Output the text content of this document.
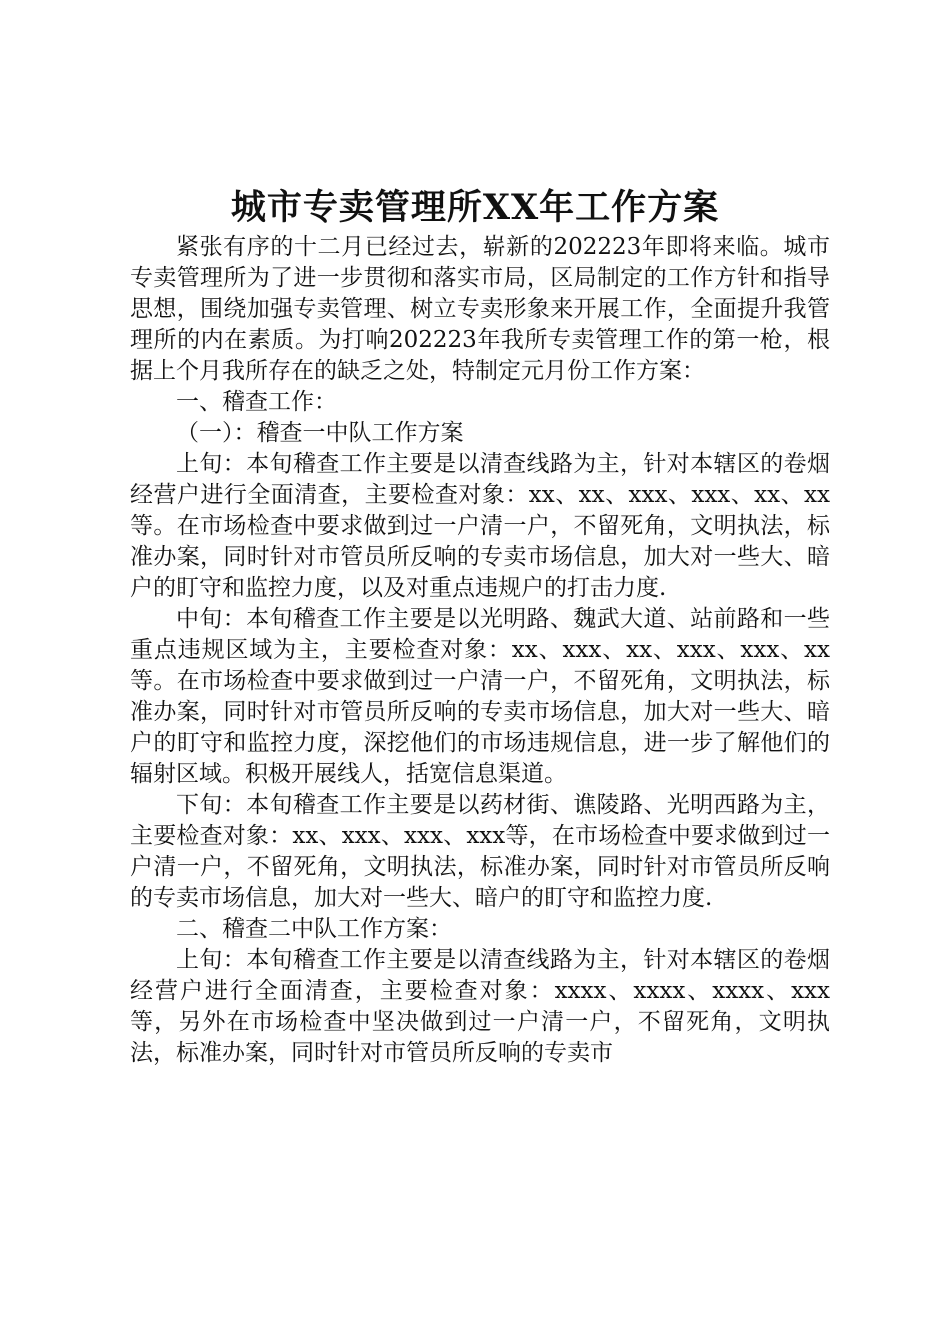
城市专卖管理所XX年工作方案

紧张有序的十二月已经过去，崭新的202223年即将来临。城市专卖管理所为了进一步贯彻和落实市局，区局制定的工作方针和指导思想，围绕加强专卖管理、树立专卖形象来开展工作，全面提升我管理所的内在素质。为打响202223年我所专卖管理工作的第一枪，根据上个月我所存在的缺乏之处，特制定元月份工作方案：

一、稽查工作：

（一）：稽查一中队工作方案

上旬：本旬稽查工作主要是以清查线路为主，针对本辖区的卷烟经营户进行全面清查，主要检查对象：xx、xx、xxx、xxx、xx、xx等。在市场检查中要求做到过一户清一户，不留死角，文明执法，标准办案，同时针对市管员所反响的专卖市场信息，加大对一些大、暗户的盯守和监控力度，以及对重点违规户的打击力度.

中旬：本旬稽查工作主要是以光明路、魏武大道、站前路和一些重点违规区域为主，主要检查对象：xx、xxx、xx、xxx、xxx、xx等。在市场检查中要求做到过一户清一户，不留死角，文明执法，标准办案，同时针对市管员所反响的专卖市场信息，加大对一些大、暗户的盯守和监控力度，深挖他们的市场违规信息，进一步了解他们的辐射区域。积极开展线人，括宽信息渠道。

下旬：本旬稽查工作主要是以药材街、谯陵路、光明西路为主，主要检查对象：xx、xxx、xxx、xxx等，在市场检查中要求做到过一户清一户，不留死角，文明执法，标准办案，同时针对市管员所反响的专卖市场信息，加大对一些大、暗户的盯守和监控力度.

二、稽查二中队工作方案：

上旬：本旬稽查工作主要是以清查线路为主，针对本辖区的卷烟经营户进行全面清查，主要检查对象：xxxx、xxxx、xxxx、xxx等，另外在市场检查中坚决做到过一户清一户，不留死角，文明执法，标准办案，同时针对市管员所反响的专卖市
